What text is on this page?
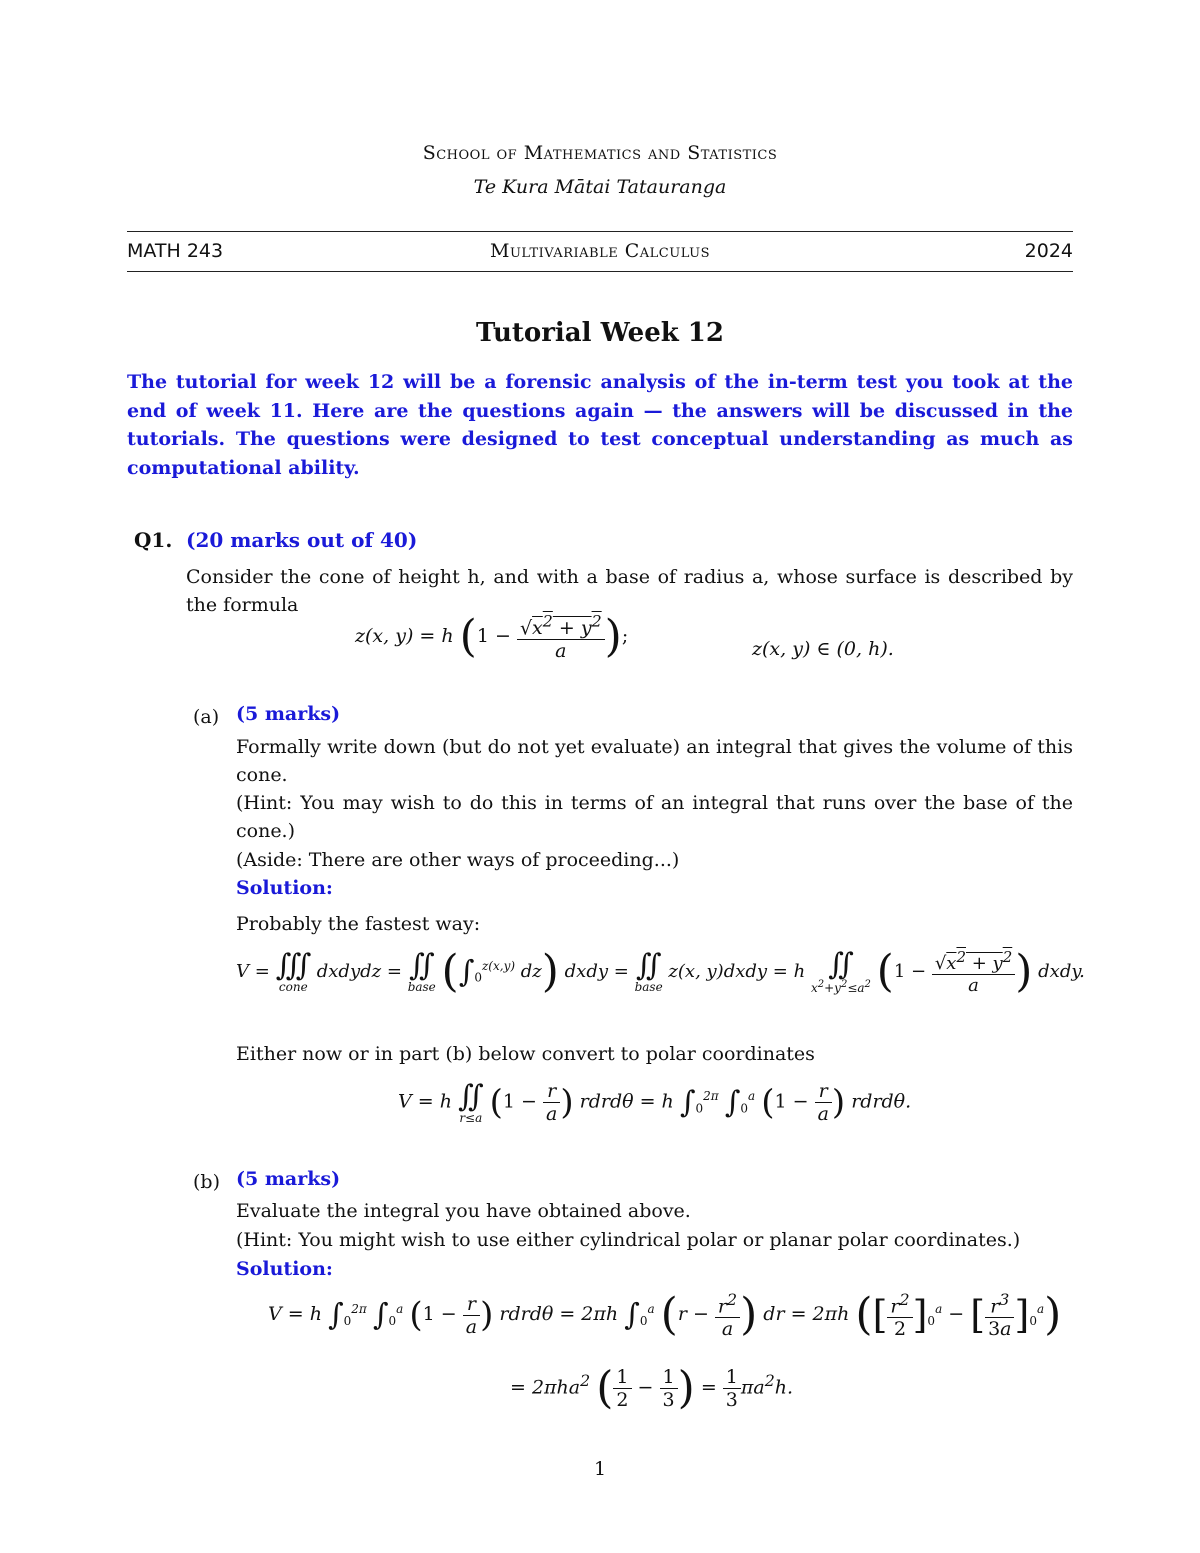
School of Mathematics and Statistics
Te Kura Mātai Tatauranga
MATH 243	Multivariable Calculus	2024
Tutorial Week 12
The tutorial for week 12 will be a forensic analysis of the in-term test you took at the end of week 11. Here are the questions again — the answers will be discussed in the tutorials. The questions were designed to test conceptual understanding as much as computational ability.
Q1. (20 marks out of 40)
Consider the cone of height h, and with a base of radius a, whose surface is described by the formula
z(x, y) = h ($1 - \frac{√x^2 + y^2}{a}$ );
z(x, y) ∈ (0, h).
(a) (5 marks)
Formally write down (but do not yet evaluate) an integral that gives the volume of this cone.
(Hint: You may wish to do this in terms of an integral that runs over the base of the cone.)
(Aside: There are other ways of proceeding...)
Solution:
Probably the fastest way:
V = ∭
cone
dxdydz = ∬
base ($\int_0^{z(x,y)}$ dz) dxdy = ∬
base
z(x, y)dxdy = h ∬
$x^2+y^2\le a^2$ ($1 - \frac{√x^2 + y^2}{a}$ ) dxdy.
Either now or in part (b) below convert to polar coordinates
V = h ∬
r≤a ($1 - \frac{r}{a}$ ) rdrdθ = h $\int_0^{2\pi}$ $\int_0^a$ ($1 - \frac{r}{a}$ ) rdrdθ.
(b) (5 marks)
Evaluate the integral you have obtained above.
(Hint: You might wish to use either cylindrical polar or planar polar coordinates.)
Solution:
V = h $\int_0^{2\pi}$ $\int_0^a$ ($1 - \frac{r}{a}$ ) rdrdθ = 2πh $\int_0^a$ ($r - \frac{r^2}{a}$ ) dr = 2πh ([ $\frac{r^2}{2} ]_0^a$ − [ $\frac{r^3}{3a} ]_0^a$)
= 2πha$^2$ ( $\frac{1}{2} - \frac{1}{3}$ ) = $\frac{1}{3} \pi a^2h$.
1
